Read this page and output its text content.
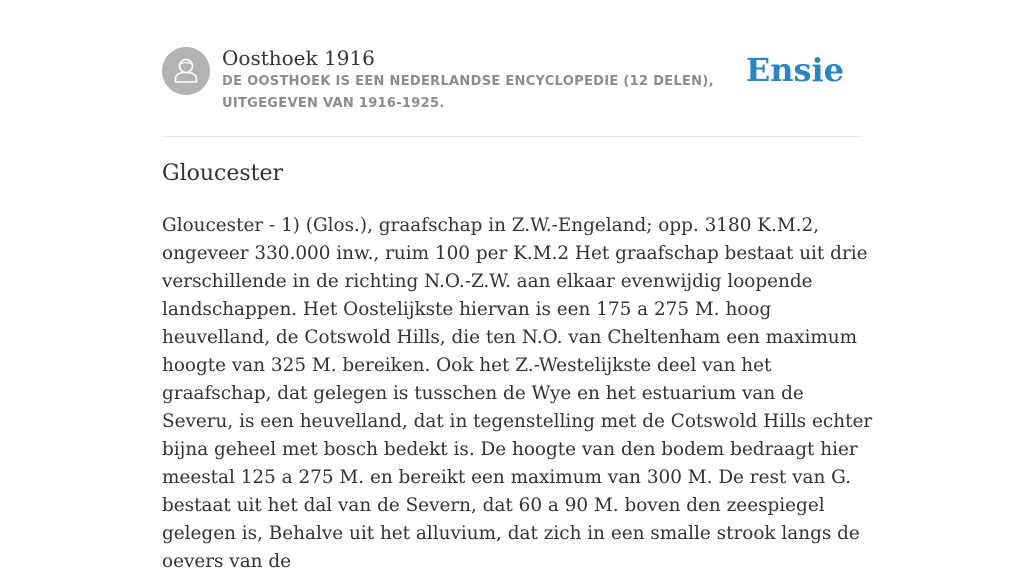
Oosthoek 1916
DE OOSTHOEK IS EEN NEDERLANDSE ENCYCLOPEDIE (12 DELEN), UITGEGEVEN VAN 1916-1925.
Ensie
Gloucester

Gloucester - 1) (Glos.), graafschap in Z.W.-Engeland; opp. 3180 K.M.2, ongeveer 330.000 inw., ruim 100 per K.M.2 Het graafschap bestaat uit drie verschillende in de richting N.O.-Z.W. aan elkaar evenwijdig loopende landschappen. Het Oostelijkste hiervan is een 175 a 275 M. hoog heuvelland, de Cotswold Hills, die ten N.O. van Cheltenham een maximum hoogte van 325 M. bereiken. Ook het Z.-Westelijkste deel van het graafschap, dat gelegen is tusschen de Wye en het estuarium van de Severu, is een heuvelland, dat in tegenstelling met de Cotswold Hills echter bijna geheel met bosch bedekt is. De hoogte van den bodem bedraagt hier meestal 125 a 275 M. en bereikt een maximum van 300 M. De rest van G. bestaat uit het dal van de Severn, dat 60 a 90 M. boven den zeespiegel gelegen is, Behalve uit het alluvium, dat zich in een smalle strook langs de oevers van de
